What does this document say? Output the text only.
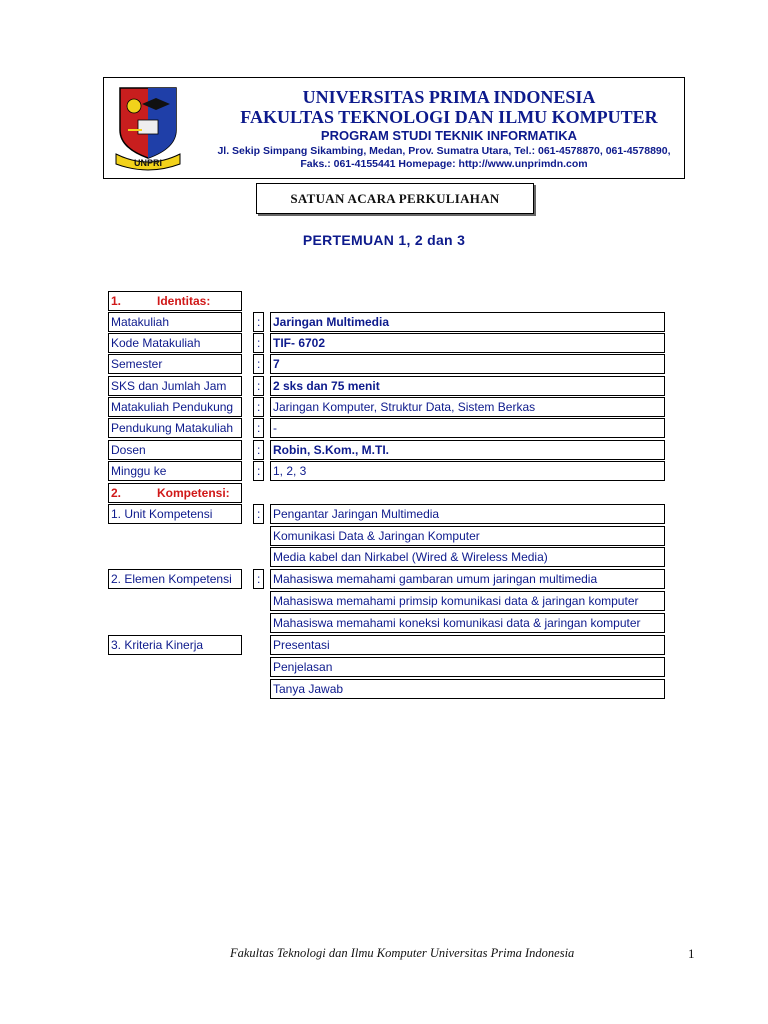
UNPRI
UNIVERSITAS PRIMA INDONESIA
FAKULTAS TEKNOLOGI DAN ILMU KOMPUTER
PROGRAM STUDI TEKNIK INFORMATIKA
Jl. Sekip Simpang Sikambing, Medan, Prov. Sumatra Utara, Tel.: 061-4578870, 061-4578890,
Faks.: 061-4155441 Homepage: http://www.unprimdn.com
SATUAN ACARA PERKULIAHAN
PERTEMUAN 1, 2 dan 3
1.	Identitas:
Matakuliah	:	Jaringan Multimedia
Kode Matakuliah	:	TIF- 6702
Semester	:	7
SKS dan Jumlah Jam	:	2 sks dan 75 menit
Matakuliah Pendukung	:	Jaringan Komputer, Struktur Data, Sistem Berkas
Pendukung Matakuliah	:	-
Dosen	:	Robin, S.Kom., M.TI.
Minggu ke	:	1, 2, 3
2.	Kompetensi:
1. Unit Kompetensi	:	Pengantar Jaringan Multimedia
Komunikasi Data & Jaringan Komputer
Media kabel dan Nirkabel (Wired & Wireless Media)
2. Elemen Kompetensi	:	Mahasiswa memahami gambaran umum jaringan multimedia
Mahasiswa memahami primsip komunikasi data & jaringan komputer
Mahasiswa memahami koneksi komunikasi data & jaringan komputer
3. Kriteria Kinerja	Presentasi
Penjelasan
Tanya Jawab
Fakultas Teknologi dan Ilmu Komputer Universitas Prima Indonesia	1
